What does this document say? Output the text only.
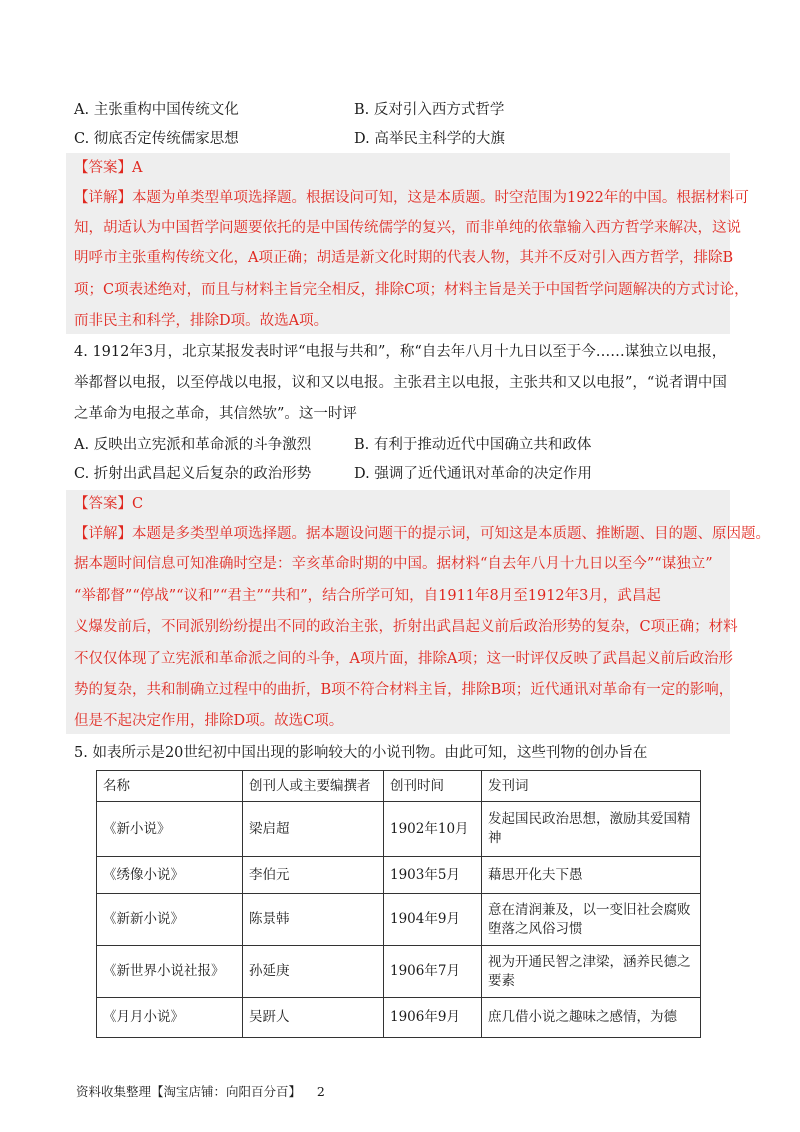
A. 主张重构中国传统文化	B. 反对引入西方式哲学
C. 彻底否定传统儒家思想	D. 高举民主科学的大旗
【答案】A
【详解】本题为单类型单项选择题。根据设问可知，这是本质题。时空范围为1922年的中国。根据材料可
知，胡适认为中国哲学问题要依托的是中国传统儒学的复兴，而非单纯的依靠输入西方哲学来解决，这说
明呼市主张重构传统文化，A项正确；胡适是新文化时期的代表人物，其并不反对引入西方哲学，排除B
项；C项表述绝对，而且与材料主旨完全相反，排除C项；材料主旨是关于中国哲学问题解决的方式讨论，
而非民主和科学，排除D项。故选A项。
4. 1912年3月，北京某报发表时评“电报与共和”，称“自去年八月十九日以至于今……谋独立以电报，
举都督以电报，以至停战以电报，议和又以电报。主张君主以电报，主张共和又以电报”，“说者谓中国
之革命为电报之革命，其信然欤”。这一时评
A. 反映出立宪派和革命派的斗争激烈	B. 有利于推动近代中国确立共和政体
C. 折射出武昌起义后复杂的政治形势	D. 强调了近代通讯对革命的决定作用
【答案】C
【详解】本题是多类型单项选择题。据本题设问题干的提示词，可知这是本质题、推断题、目的题、原因题。
据本题时间信息可知准确时空是：辛亥革命时期的中国。据材料“自去年八月十九日以至今”“谋独立”
“举都督”“停战”“议和”“君主”“共和”，结合所学可知，自1911年8月至1912年3月，武昌起
义爆发前后，不同派别纷纷提出不同的政治主张，折射出武昌起义前后政治形势的复杂，C项正确；材料
不仅仅体现了立宪派和革命派之间的斗争，A项片面，排除A项；这一时评仅反映了武昌起义前后政治形
势的复杂，共和制确立过程中的曲折，B项不符合材料主旨，排除B项；近代通讯对革命有一定的影响，
但是不起决定作用，排除D项。故选C项。
5. 如表所示是20世纪初中国出现的影响较大的小说刊物。由此可知，这些刊物的创办旨在
名称	创刊人或主要编撰者	创刊时间	发刊词
《新小说》	梁启超	1902年10月	发起国民政治思想，激励其爱国精神
《绣像小说》	李伯元	1903年5月	藉思开化夫下愚
《新新小说》	陈景韩	1904年9月	意在清润兼及，以一变旧社会腐败堕落之风俗习惯
《新世界小说社报》	孙延庚	1906年7月	视为开通民智之津梁，涵养民德之要素
《月月小说》	吴趼人	1906年9月	庶几借小说之趣味之感情，为德
资料收集整理【淘宝店铺：向阳百分百】 2
